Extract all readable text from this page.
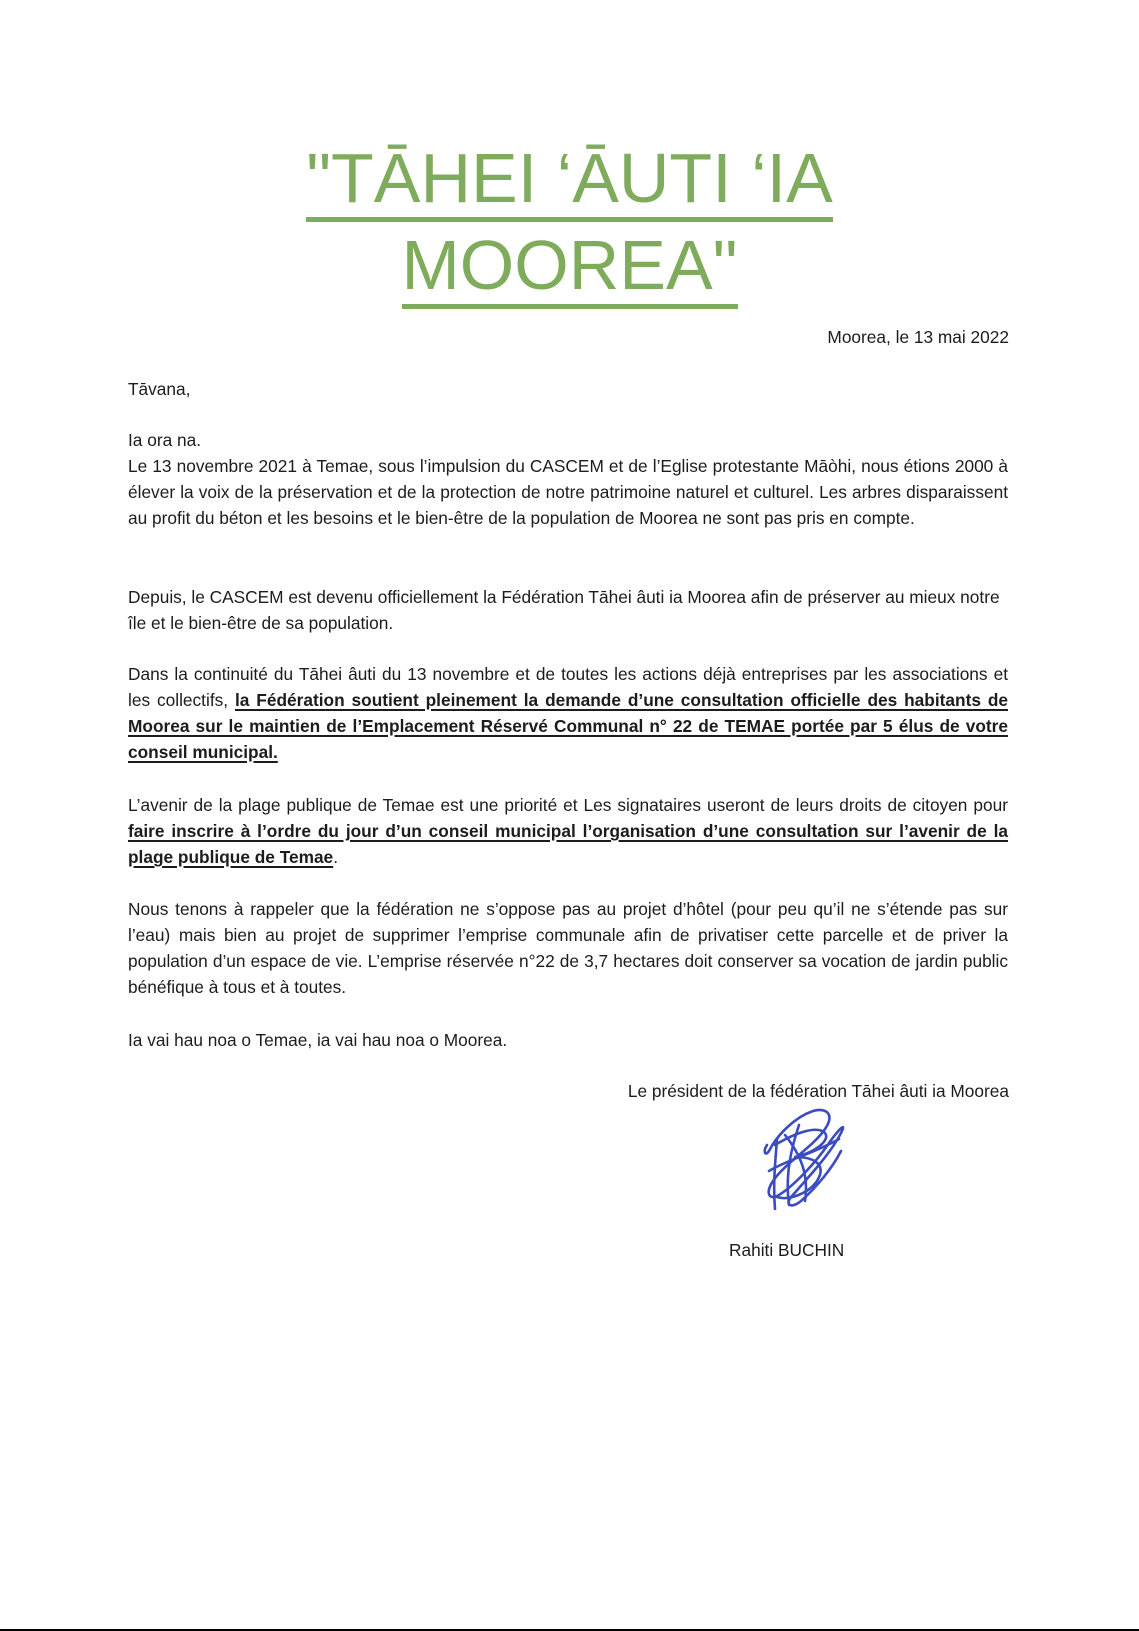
"TĀHEI ‘ĀUTI ‘IA
MOOREA"
Moorea, le 13 mai 2022

Tāvana,

Ia ora na.

Le 13 novembre 2021 à Temae, sous l’impulsion du CASCEM et de l’Eglise protestante Māòhi, nous étions 2000 à élever la voix de la préservation et de la protection de notre patrimoine naturel et culturel. Les arbres disparaissent au profit du béton et les besoins et le bien-être de la population de Moorea ne sont pas pris en compte.

Depuis, le CASCEM est devenu officiellement la Fédération Tāhei âuti ia Moorea afin de préserver au mieux notre île et le bien-être de sa population.

Dans la continuité du Tāhei âuti du 13 novembre et de toutes les actions déjà entreprises par les associations et les collectifs, la Fédération soutient pleinement la demande d’une consultation officielle des habitants de Moorea sur le maintien de l’Emplacement Réservé Communal n° 22 de TEMAE portée par 5 élus de votre conseil municipal.

L’avenir de la plage publique de Temae est une priorité et Les signataires useront de leurs droits de citoyen pour faire inscrire à l’ordre du jour d’un conseil municipal l’organisation d’une consultation sur l’avenir de la plage publique de Temae.

Nous tenons à rappeler que la fédération ne s’oppose pas au projet d’hôtel (pour peu qu’il ne s’étende pas sur l’eau) mais bien au projet de supprimer l’emprise communale afin de privatiser cette parcelle et de priver la population d’un espace de vie. L’emprise réservée n°22 de 3,7 hectares doit conserver sa vocation de jardin public bénéfique à tous et à toutes.

Ia vai hau noa o Temae, ia vai hau noa o Moorea.

Le président de la fédération Tāhei âuti ia Moorea
Rahiti BUCHIN
